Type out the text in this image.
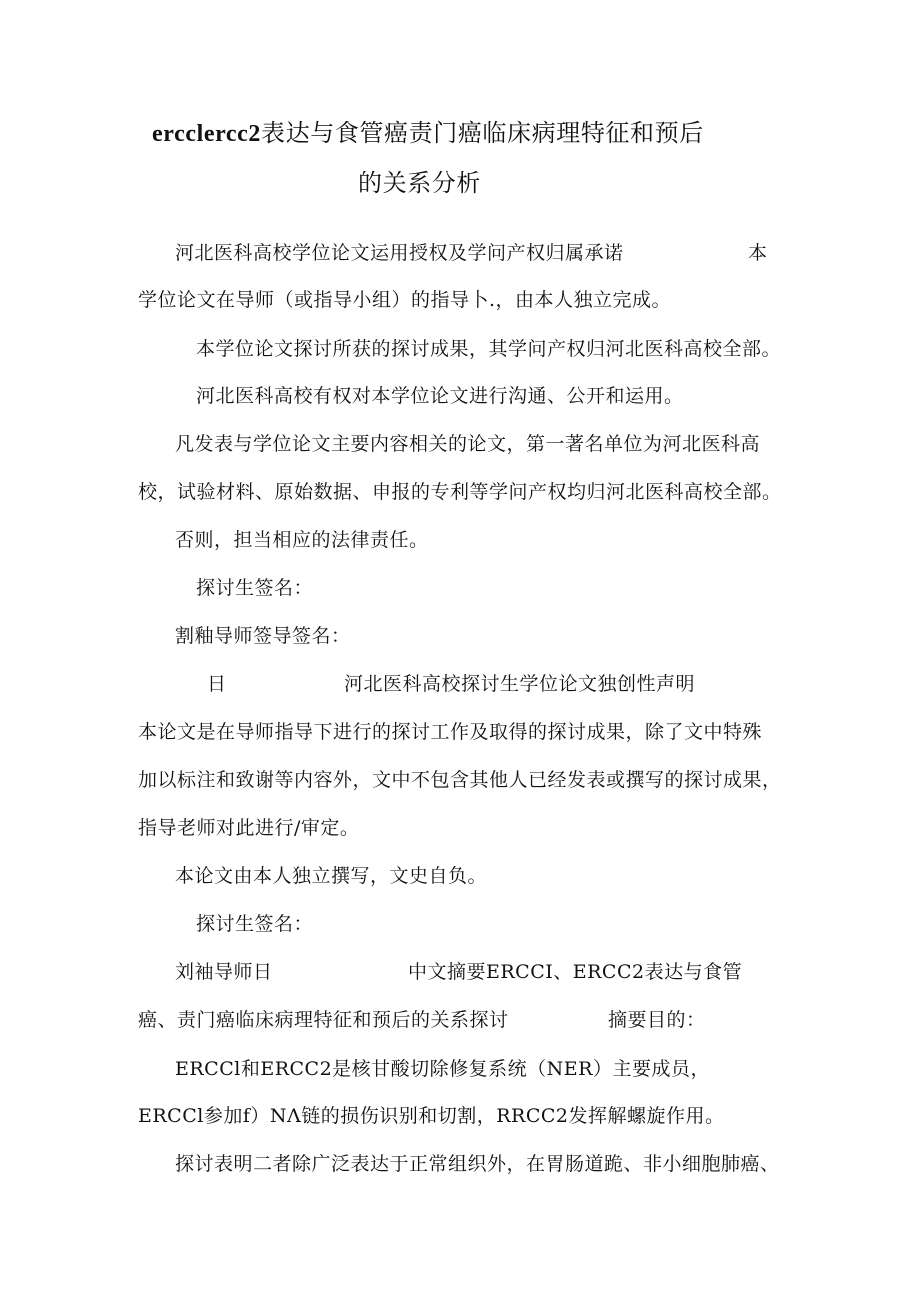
ercclercc2表达与食管癌责门癌临床病理特征和预后
的关系分析
河北医科高校学位论文运用授权及学问产权归属承诺	本
学位论文在导师（或指导小组）的指导卜.，由本人独立完成。
本学位论文探讨所获的探讨成果，其学问产权归河北医科高校全部。
河北医科高校有权对本学位论文进行沟通、公开和运用。
凡发表与学位论文主要内容相关的论文，第一著名单位为河北医科高
校，试验材料、原始数据、申报的专利等学问产权均归河北医科高校全部。
否则，担当相应的法律责任。
探讨生签名：
割釉导师签导签名：
日	河北医科高校探讨生学位论文独创性声明
本论文是在导师指导下进行的探讨工作及取得的探讨成果，除了文中特殊
加以标注和致谢等内容外，文中不包含其他人已经发表或撰写的探讨成果，
指导老师对此进行/审定。
本论文由本人独立撰写，文史自负。
探讨生签名：
刘袖导师日	中文摘要ERCCI、ERCC2表达与食管
癌、责门癌临床病理特征和预后的关系探讨	摘要目的：
ERCCl和ERCC2是核甘酸切除修复系统（NER）主要成员，
ERCCl参加f）NΛ链的损伤识别和切割，RRCC2发挥解螺旋作用。
探讨表明二者除广泛表达于正常组织外，在胃肠道跪、非小细胞肺癌、
